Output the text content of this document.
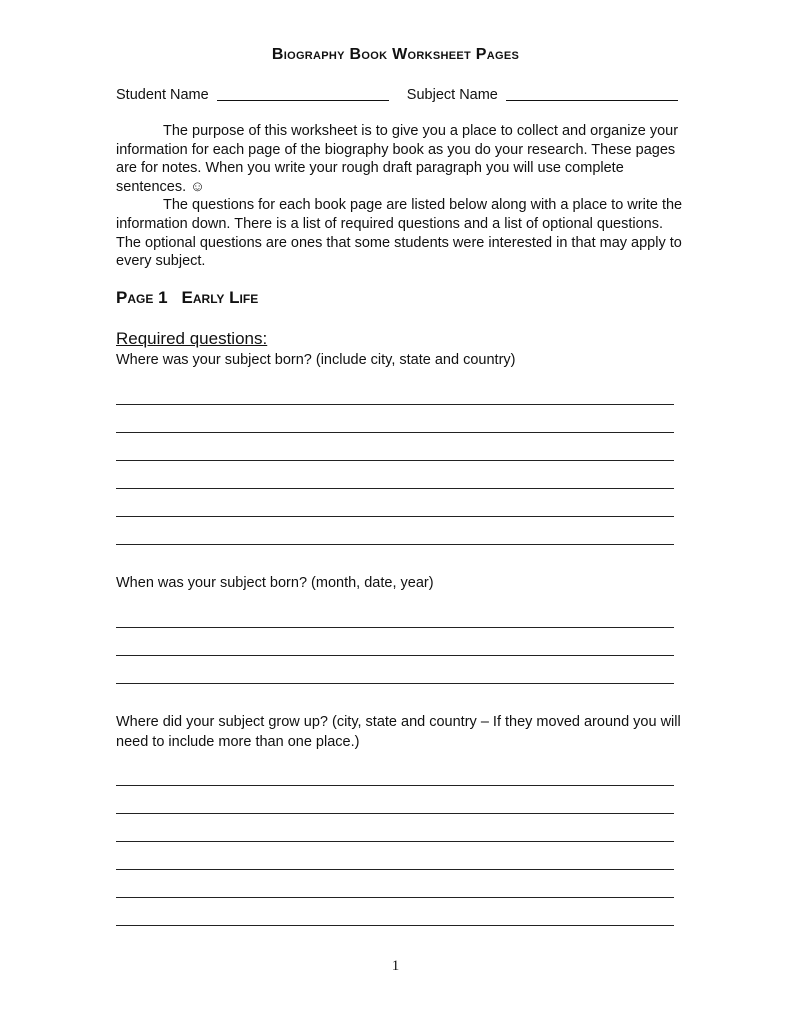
Biography Book Worksheet Pages
Student Name	Subject Name

The purpose of this worksheet is to give you a place to collect and organize your information for each page of the biography book as you do your research. These pages are for notes. When you write your rough draft paragraph you will use complete sentences. ☺

The questions for each book page are listed below along with a place to write the information down. There is a list of required questions and a list of optional questions. The optional questions are ones that some students were interested in that may apply to every subject.

Page 1 Early Life
Required questions:
Where was your subject born? (include city, state and country)
When was your subject born? (month, date, year)
Where did your subject grow up? (city, state and country – If they moved around you will need to include more than one place.)
1
